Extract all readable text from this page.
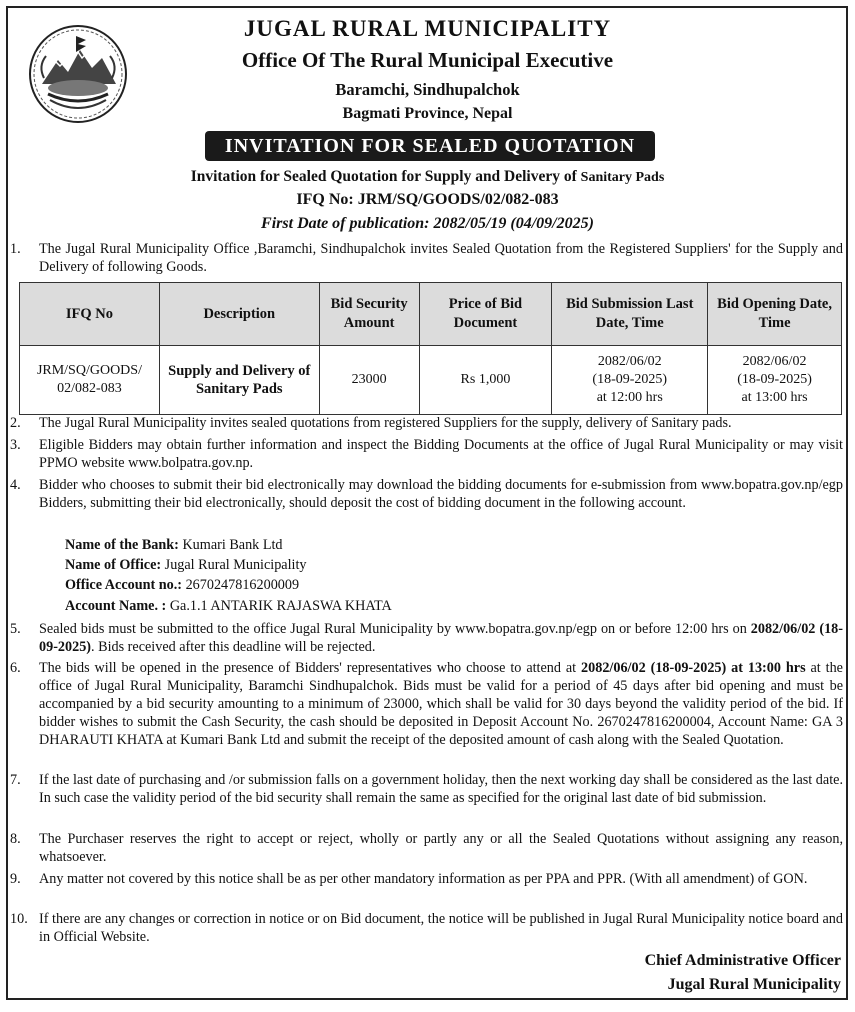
JUGAL RURAL MUNICIPALITY
Office Of The Rural Municipal Executive
Baramchi, Sindhupalchok
Bagmati Province, Nepal
INVITATION FOR SEALED QUOTATION
Invitation for Sealed Quotation for Supply and Delivery of Sanitary Pads
IFQ No: JRM/SQ/GOODS/02/082-083
First Date of publication: 2082/05/19 (04/09/2025)
1. The Jugal Rural Municipality Office ,Baramchi, Sindhupalchok invites Sealed Quotation from the Registered Suppliers' for the Supply and Delivery of following Goods.
IFQ No	Description	Bid Security Amount	Price of Bid Document	Bid Submission Last Date, Time	Bid Opening Date, Time
JRM/SQ/GOODS/
02/082-083	Supply and Delivery of
Sanitary Pads	23000	Rs 1,000	2082/06/02
(18-09-2025)
at 12:00 hrs	2082/06/02
(18-09-2025)
at 13:00 hrs
2. The Jugal Rural Municipality invites sealed quotations from registered Suppliers for the supply, delivery of Sanitary pads.
3. Eligible Bidders may obtain further information and inspect the Bidding Documents at the office of Jugal Rural Municipality or may visit PPMO website www.bolpatra.gov.np.
4. Bidder who chooses to submit their bid electronically may download the bidding documents for e-submission from www.bopatra.gov.np/egp Bidders, submitting their bid electronically, should deposit the cost of bidding document in the following account.
Name of the Bank: Kumari Bank Ltd
Name of Office: Jugal Rural Municipality
Office Account no.: 2670247816200009
Account Name. : Ga.1.1 ANTARIK RAJASWA KHATA
5. Sealed bids must be submitted to the office Jugal Rural Municipality by www.bopatra.gov.np/egp on or before 12:00 hrs on 2082/06/02 (18-09-2025). Bids received after this deadline will be rejected.
6. The bids will be opened in the presence of Bidders' representatives who choose to attend at 2082/06/02 (18-09-2025) at 13:00 hrs at the office of Jugal Rural Municipality, Baramchi Sindhupalchok. Bids must be valid for a period of 45 days after bid opening and must be accompanied by a bid security amounting to a minimum of 23000, which shall be valid for 30 days beyond the validity period of the bid. If bidder wishes to submit the Cash Security, the cash should be deposited in Deposit Account No. 2670247816200004, Account Name: GA 3 DHARAUTI KHATA at Kumari Bank Ltd and submit the receipt of the deposited amount of cash along with the Sealed Quotation.
7. If the last date of purchasing and /or submission falls on a government holiday, then the next working day shall be considered as the last date. In such case the validity period of the bid security shall remain the same as specified for the original last date of bid submission.
8. The Purchaser reserves the right to accept or reject, wholly or partly any or all the Sealed Quotations without assigning any reason, whatsoever.
9. Any matter not covered by this notice shall be as per other mandatory information as per PPA and PPR. (With all amendment) of GON.
10. If there are any changes or correction in notice or on Bid document, the notice will be published in Jugal Rural Municipality notice board and in Official Website.
Chief Administrative Officer
Jugal Rural Municipality
